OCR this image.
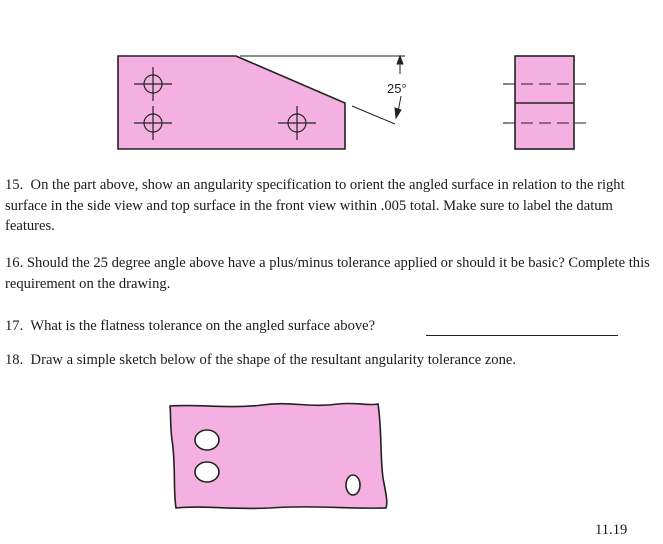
25°

15. On the part above, show an angularity specification to orient the angled surface in relation to the right surface in the side view and top surface in the front view within .005 total. Make sure to label the datum features.

16. Should the 25 degree angle above have a plus/minus tolerance applied or should it be basic? Complete this requirement on the drawing.

17. What is the flatness tolerance on the angled surface above?

18. Draw a simple sketch below of the shape of the resultant angularity tolerance zone.

11.19
